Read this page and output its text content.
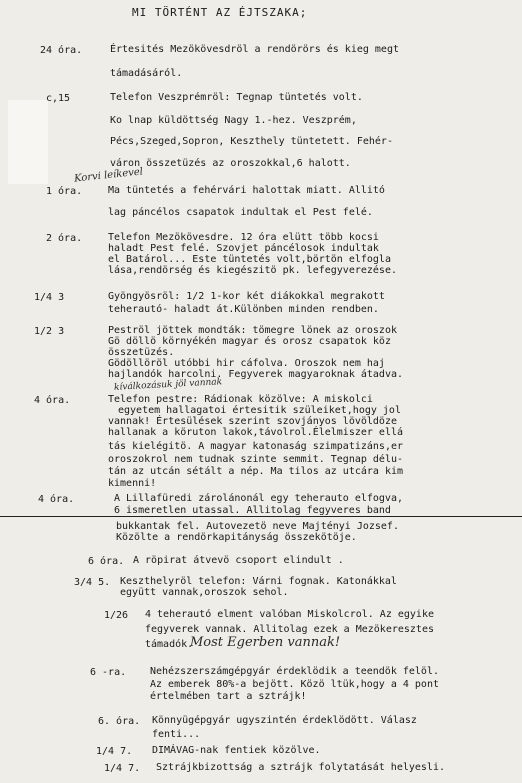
MI TÖRTÉNT AZ ÉJTSZAKA;
24 óra.	Értesités Mezökövesdröl a rendörörs és kieg megt
támadásáról.
c,15	Telefon Veszprémröl: Tegnap tüntetés volt.
Ko lnap küldöttség Nagy 1.-hez. Veszprém,
Pécs,Szeged,Sopron, Keszthely tüntetett. Fehér-
váron összetüzés az oroszokkal,6 halott.
Korvi leíkevel
1 óra.	Ma tüntetés a fehérvári halottak miatt. Allitó
lag páncélos csapatok indultak el Pest felé.
2 óra.	Telefon Mezökövesdre. 12 óra elütt több kocsi
haladt Pest felé. Szovjet páncélosok indultak
el Batárol... Este tüntetés volt,börtön elfogla
lása,rendörség és kiegészitö pk. lefegyverezése.
1/4 3	Gyöngyösröl: 1/2 1-kor két diákokkal megrakott
teherautó- haladt át.Különben minden rendben.
1/2 3	Peströl jöttek mondták: tömegre lönek az oroszok
Gö döllö környékén magyar és orosz csapatok köz
összetüzés.
Gödöllöröl utóbbi hir cáfolva. Oroszok nem haj
hajlandók harcolni. Fegyverek magyaroknak átadva.
kíválkozásuk jöl vannak
4 óra.	Telefon pestre: Rádionak közölve: A miskolci
egyetem hallagatoi értesitik szüleiket,hogy jol
vannak! Értesülések szerint szovjányos lövöldöze
hallanak a köruton lakok,távolrol.Élelmiszer ellá
tás kielégitö. A magyar katonaság szimpatizáns,er
oroszokrol nem tudnak szinte semmit. Tegnap délu-
tán az utcán sétált a nép. Ma tilos az utcára kim
kimenni!
4 óra.	A Lillafüredi zárolánonál egy teherauto elfogva,
6 ismeretlen utassal. Allitolag fegyveres band
bukkantak fel. Autovezetö neve Majtényi Jozsef.
Közölte a rendörkapitányság összekötöje.
6 óra. A röpirat átvevö csoport elindult .
3/4 5. Keszthelyröl telefon: Várni fognak. Katonákkal
együtt vannak,oroszok sehol.
1/26 4 teherautó elment valóban Miskolcrol. Az egyike
fegyverek vannak. Allitolag ezek a Mezökeresztes
támadók.
Most Egerben vannak!
6 -ra. Nehézszerszámgépgyár érdeklödik a teendök felöl.
Az emberek 80%-a bejött. Közö ltük,hogy a 4 pont
értelmében tart a sztrájk!
6. óra. Könnyügépgyár ugyszintén érdeklödött. Válasz
fenti...
1/4 7. DIMÁVAG-nak fentiek közölve.
1/4 7. Sztrájkbizottság a sztrájk folytatását helyesli.
